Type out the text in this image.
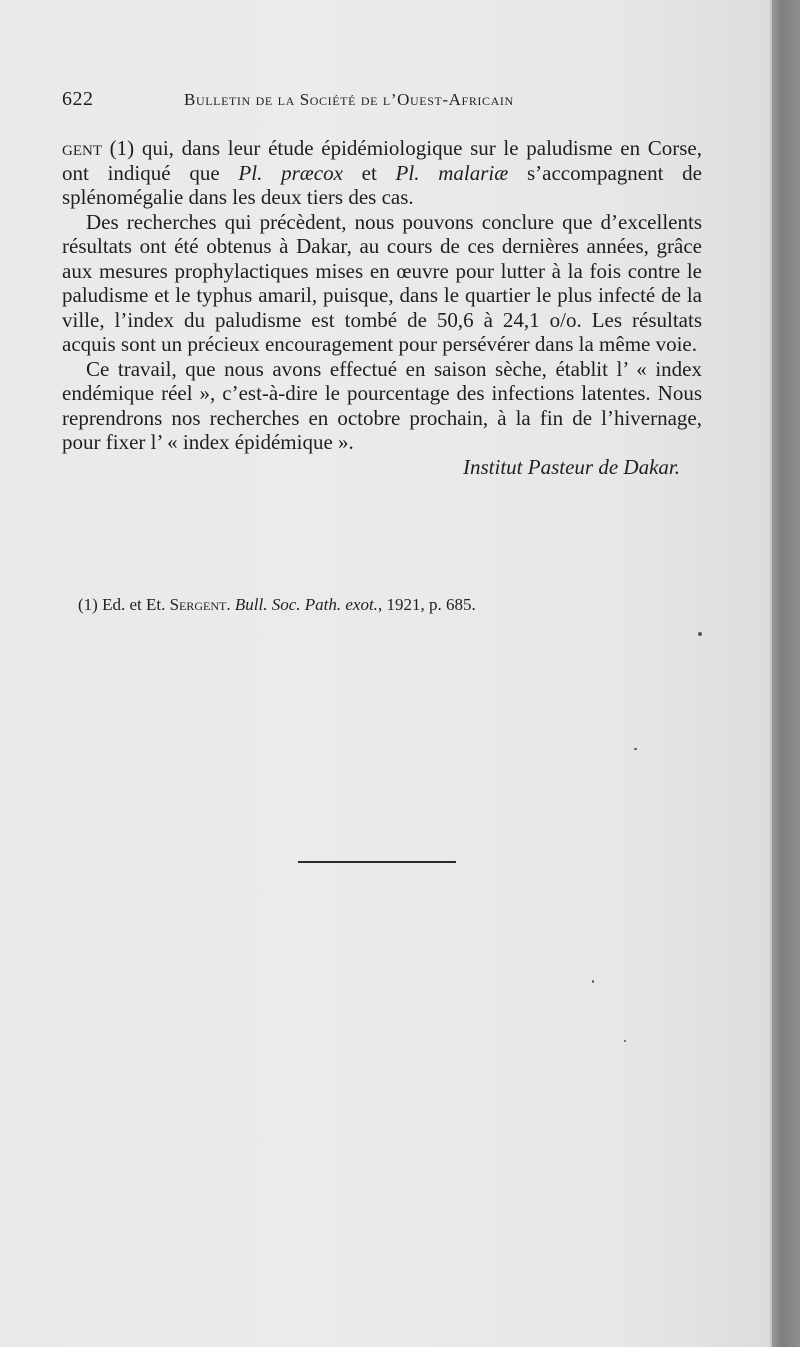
622	Bulletin de la Société de l’Ouest-Africain

gent (1) qui, dans leur étude épidémiologique sur le paludisme en Corse, ont indiqué que Pl. præcox et Pl. malariæ s’accompagnent de splénomégalie dans les deux tiers des cas.

Des recherches qui précèdent, nous pouvons conclure que d’excellents résultats ont été obtenus à Dakar, au cours de ces dernières années, grâce aux mesures prophylactiques mises en œuvre pour lutter à la fois contre le paludisme et le typhus amaril, puisque, dans le quartier le plus infecté de la ville, l’index du paludisme est tombé de 50,6 à 24,1 o/o. Les résultats acquis sont un précieux encouragement pour persévérer dans la même voie.

Ce travail, que nous avons effectué en saison sèche, établit l’ « index endémique réel », c’est-à-dire le pourcentage des infections latentes. Nous reprendrons nos recherches en octobre prochain, à la fin de l’hivernage, pour fixer l’ « index épidémique ».

Institut Pasteur de Dakar.

(1) Ed. et Et. Sergent. Bull. Soc. Path. exot., 1921, p. 685.
